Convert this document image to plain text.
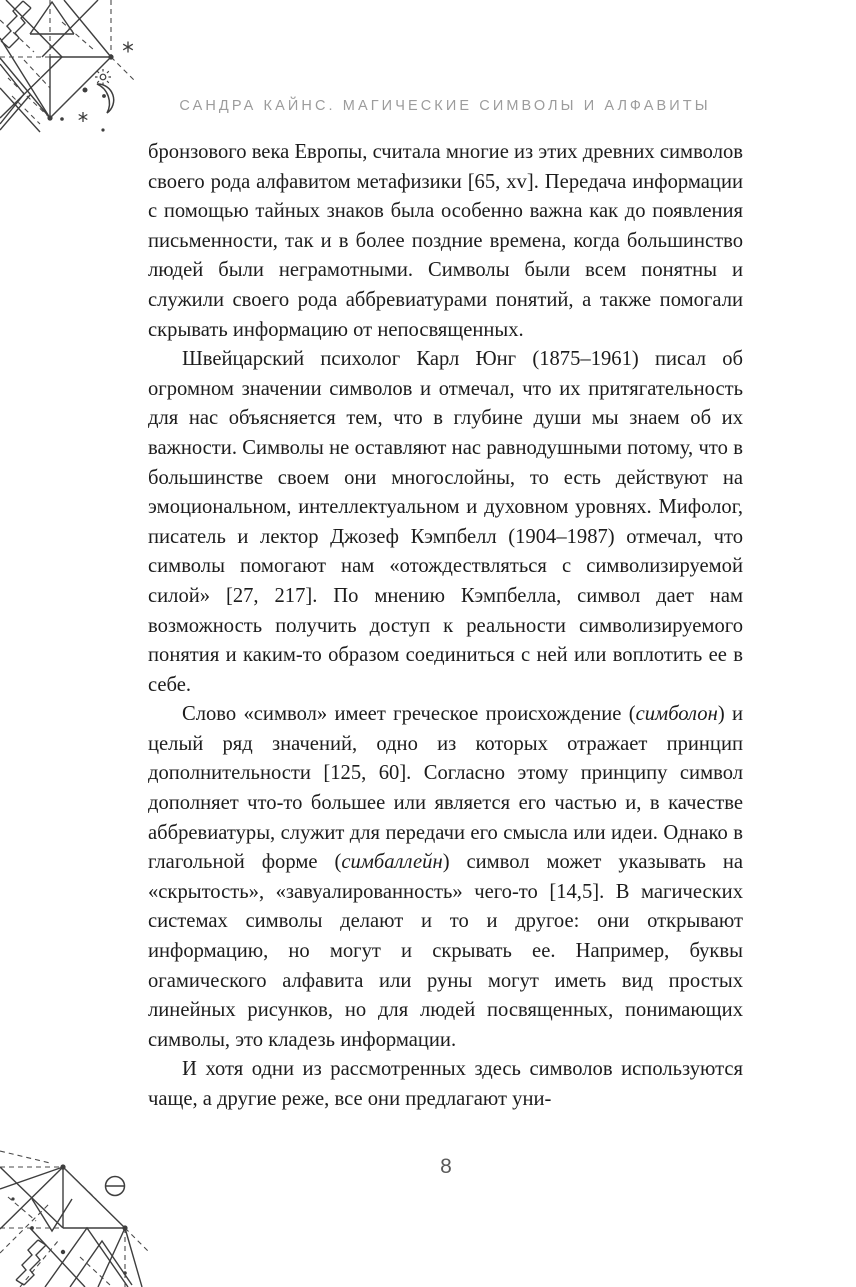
САНДРА КАЙНС. МАГИЧЕСКИЕ СИМВОЛЫ И АЛФАВИТЫ

бронзового века Европы, считала многие из этих древних символов своего рода алфавитом метафизики [65, xv]. Передача информации с помощью тайных знаков была особенно важна как до появления письменности, так и в более поздние времена, когда большинство людей были неграмотными. Символы были всем понятны и служили своего рода аббревиатурами понятий, а также помогали скрывать информацию от непосвященных.

Швейцарский психолог Карл Юнг (1875–1961) писал об огромном значении символов и отмечал, что их притягательность для нас объясняется тем, что в глубине души мы знаем об их важности. Символы не оставляют нас равнодушными потому, что в большинстве своем они многослойны, то есть действуют на эмоциональном, интеллектуальном и духовном уровнях. Мифолог, писатель и лектор Джозеф Кэмпбелл (1904–1987) отмечал, что символы помогают нам «отождествляться с символизируемой силой» [27, 217]. По мнению Кэмпбелла, символ дает нам возможность получить доступ к реальности символизируемого понятия и каким-то образом соединиться с ней или воплотить ее в себе.

Слово «символ» имеет греческое происхождение (симболон) и целый ряд значений, одно из которых отражает принцип дополнительности [125, 60]. Согласно этому принципу символ дополняет что-то большее или является его частью и, в качестве аббревиатуры, служит для передачи его смысла или идеи. Однако в глагольной форме (симбаллейн) символ может указывать на «скрытость», «завуалированность» чего-то [14,5]. В магических системах символы делают и то и другое: они открывают информацию, но могут и скрывать ее. Например, буквы огамического алфавита или руны могут иметь вид простых линейных рисунков, но для людей посвященных, понимающих символы, это кладезь информации.

И хотя одни из рассмотренных здесь символов используются чаще, а другие реже, все они предлагают уни-

8
